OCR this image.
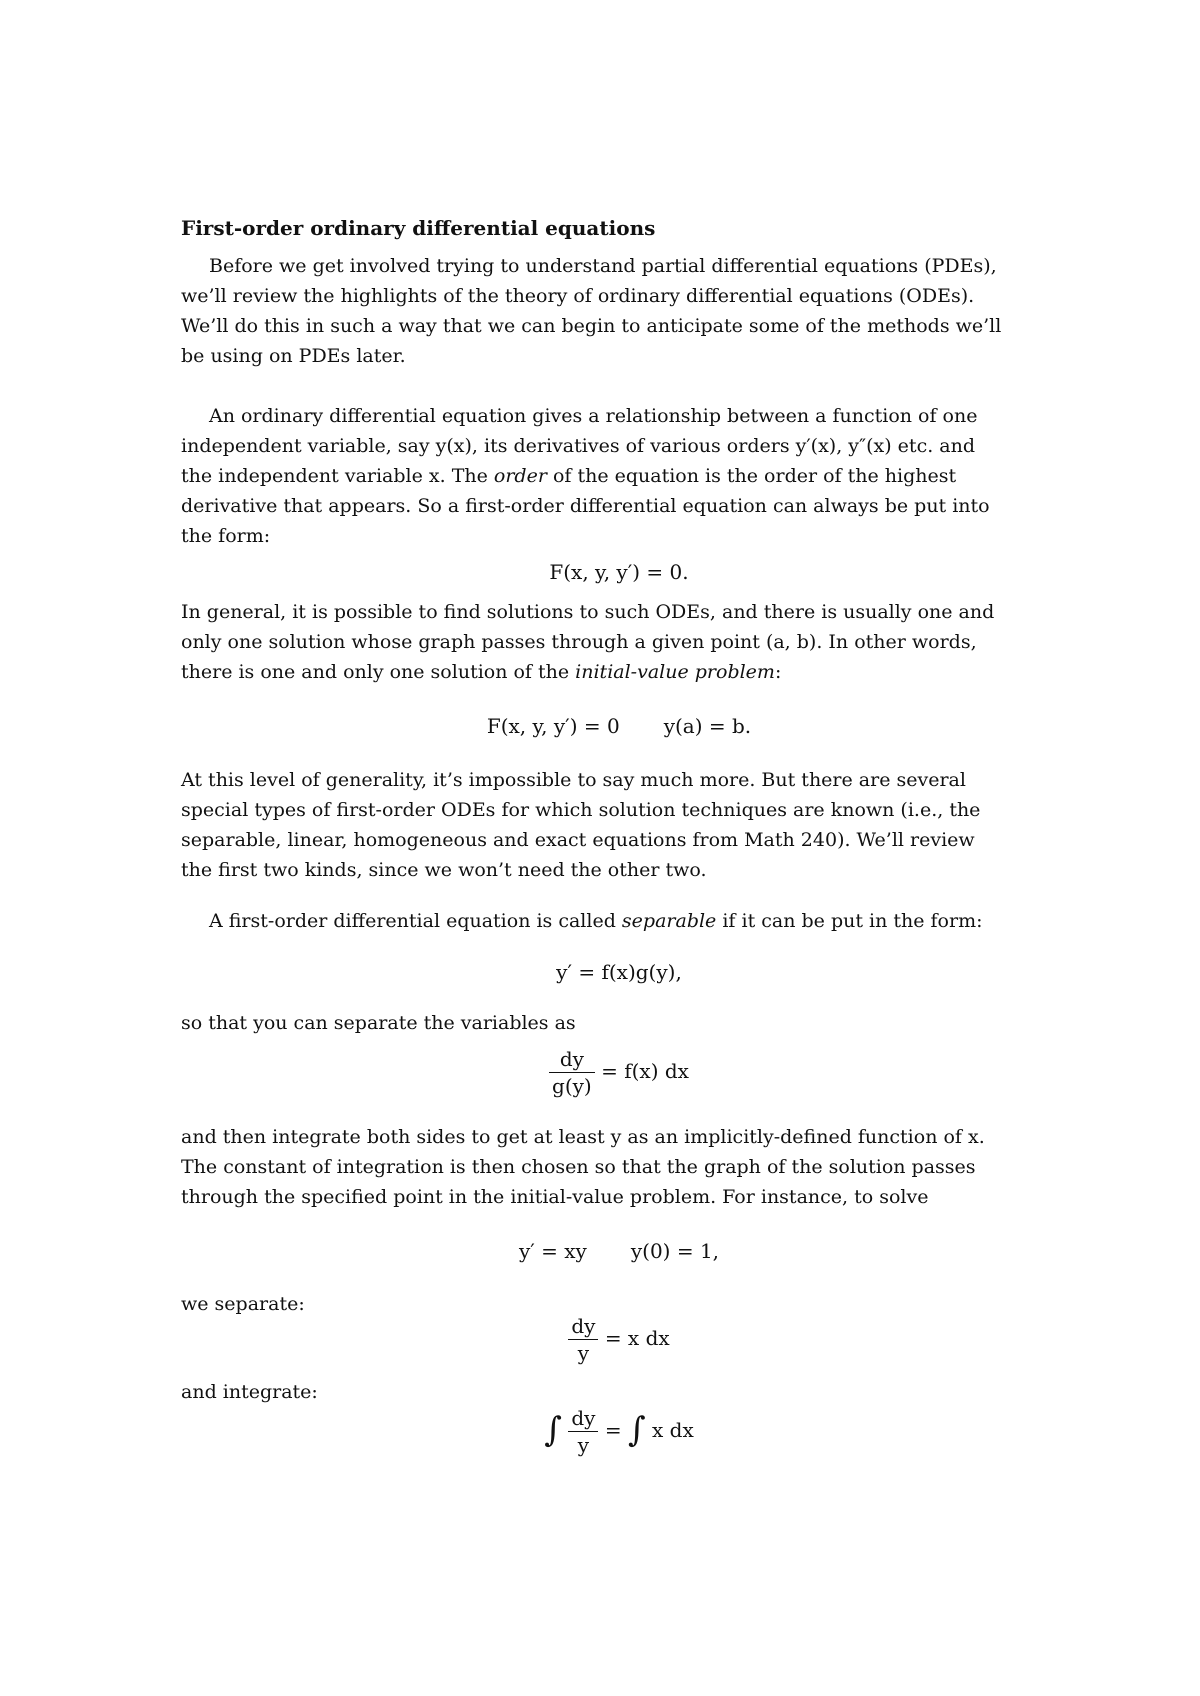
First-order ordinary differential equations

Before we get involved trying to understand partial differential equations (PDEs),
we’ll review the highlights of the theory of ordinary differential equations (ODEs).
We’ll do this in such a way that we can begin to anticipate some of the methods we’ll
be using on PDEs later.

An ordinary differential equation gives a relationship between a function of one
independent variable, say y(x), its derivatives of various orders y′(x), y″(x) etc. and
the independent variable x. The order of the equation is the order of the highest
derivative that appears. So a first-order differential equation can always be put into
the form:

F(x, y, y′) = 0.

In general, it is possible to find solutions to such ODEs, and there is usually one and
only one solution whose graph passes through a given point (a, b). In other words,
there is one and only one solution of the initial-value problem:

F(x, y, y′) = 0 y(a) = b.

At this level of generality, it’s impossible to say much more. But there are several
special types of first-order ODEs for which solution techniques are known (i.e., the
separable, linear, homogeneous and exact equations from Math 240). We’ll review
the first two kinds, since we won’t need the other two.

A first-order differential equation is called separable if it can be put in the form:

y′ = f(x)g(y),

so that you can separate the variables as

$\frac{dy}{g(y)} = f(x)$ dx

and then integrate both sides to get at least y as an implicitly-defined function of x.
The constant of integration is then chosen so that the graph of the solution passes
through the specified point in the initial-value problem. For instance, to solve

y′ = xy y(0) = 1,

we separate:

$\frac{dy}{y} = x$ dx

and integrate:

∫ $\frac{dy}{y}$ = ∫ x dx
